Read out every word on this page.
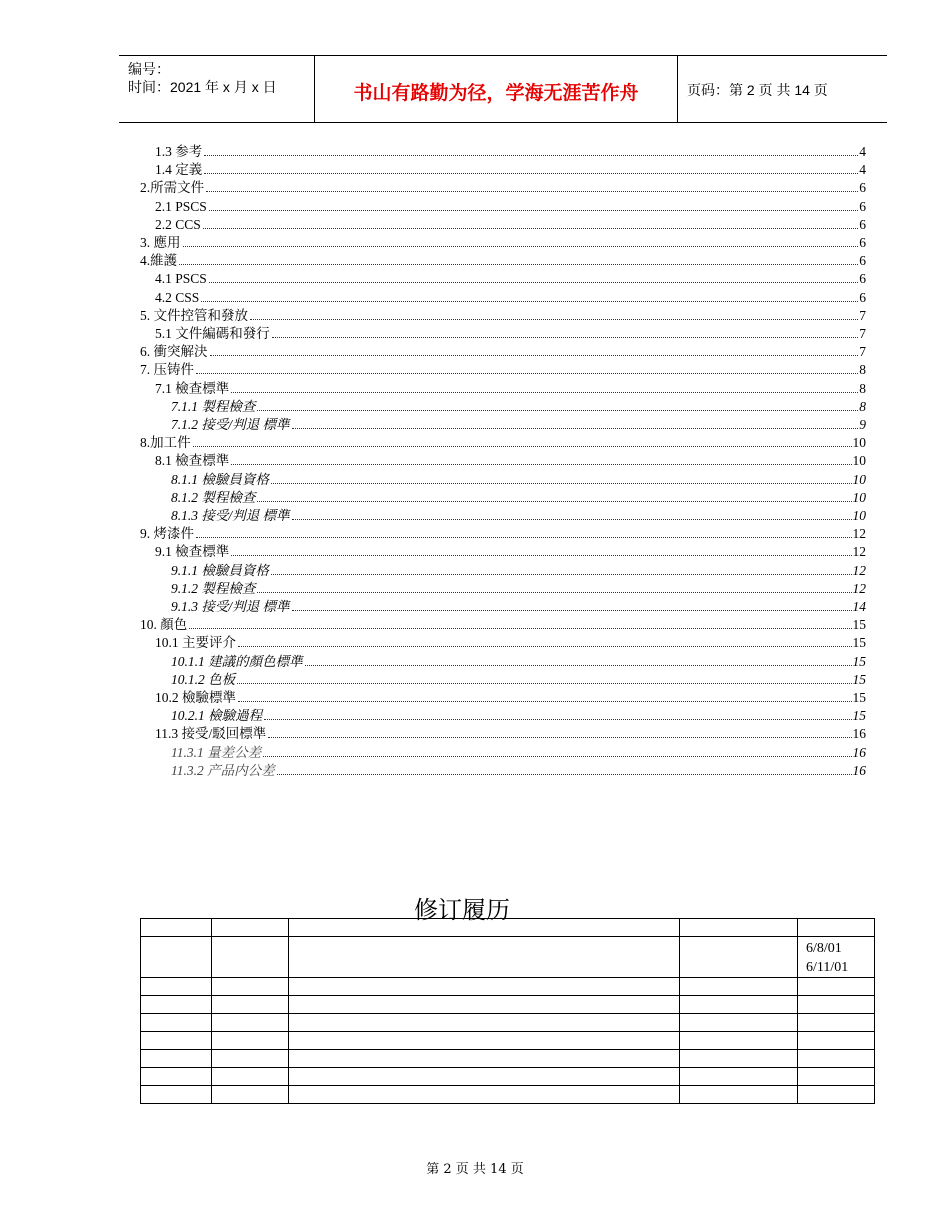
编号：
时间：2021 年 x 月 x 日	书山有路勤为径，学海无涯苦作舟	页码：第 2 页 共 14 页
1.3 参考	4
1.4 定義	4
2.所需文件	6
2.1 PSCS	6
2.2 CCS	6
3. 應用	6
4.維護	6
4.1 PSCS	6
4.2 CSS	6
5. 文件控管和發放	7
5.1 文件編碼和發行	7
6. 衝突解決	7
7. 压铸件	8
7.1 檢查標準	8
7.1.1 製程檢查	8
7.1.2 接受/判退 標準	9
8.加工件	10
8.1 檢查標準	10
8.1.1 檢驗員資格	10
8.1.2 製程檢查	10
8.1.3 接受/判退 標準	10
9. 烤漆件	12
9.1 檢查標準	12
9.1.1 檢驗員資格	12
9.1.2 製程檢查	12
9.1.3 接受/判退 標準	14
10. 顏色	15
10.1 主要评介	15
10.1.1 建議的顏色標準	15
10.1.2 色板	15
10.2 檢驗標準	15
10.2.1 檢驗過程	15
11.3 接受/駁回標準	16
11.3.1 量差公差	16
11.3.2 产品内公差	16
修订履历

				6/8/01
6/11/01

第 2 页 共 14 页
